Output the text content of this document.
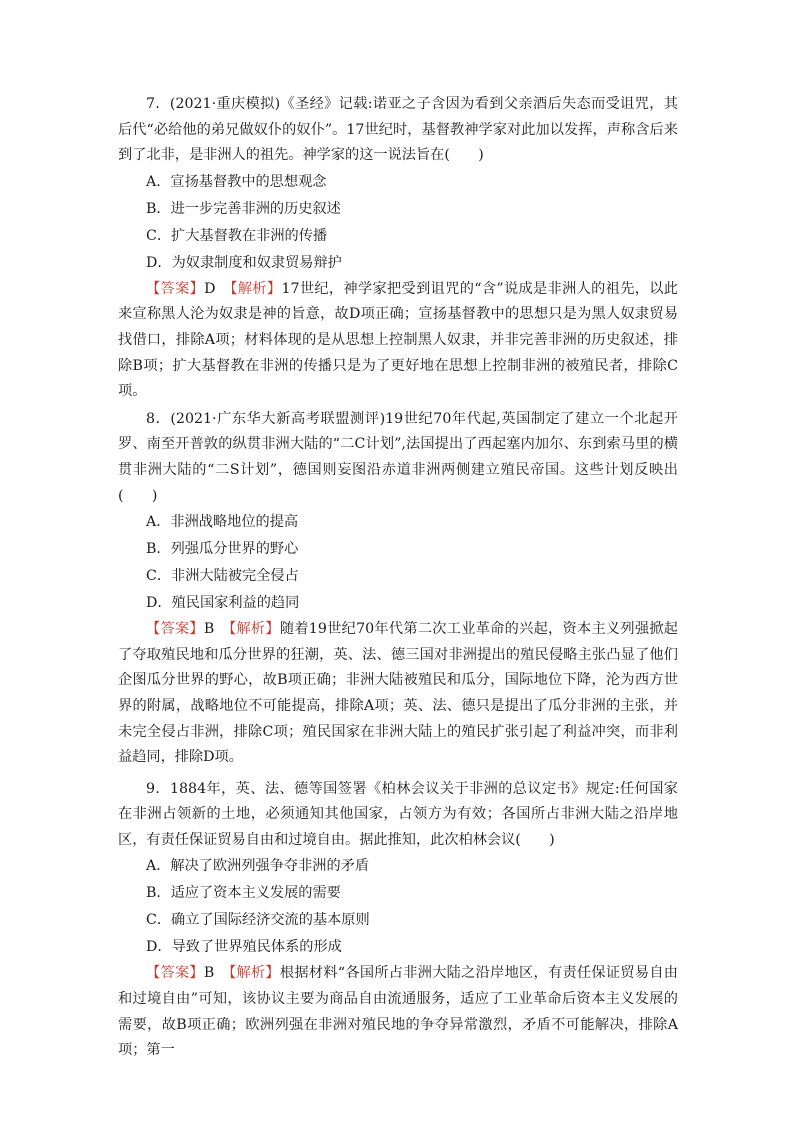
7．(2021·重庆模拟)《圣经》记载:诺亚之子含因为看到父亲酒后失态而受诅咒，其后代“必给他的弟兄做奴仆的奴仆”。17世纪时，基督教神学家对此加以发挥，声称含后来到了北非，是非洲人的祖先。神学家的这一说法旨在(　　)

A．宣扬基督教中的思想观念

B．进一步完善非洲的历史叙述

C．扩大基督教在非洲的传播

D．为奴隶制度和奴隶贸易辩护

【答案】D　【解析】17世纪，神学家把受到诅咒的“含”说成是非洲人的祖先，以此来宣称黑人沦为奴隶是神的旨意，故D项正确；宣扬基督教中的思想只是为黑人奴隶贸易找借口，排除A项；材料体现的是从思想上控制黑人奴隶，并非完善非洲的历史叙述，排除B项；扩大基督教在非洲的传播只是为了更好地在思想上控制非洲的被殖民者，排除C项。

8．(2021·广东华大新高考联盟测评)19世纪70年代起,英国制定了建立一个北起开罗、南至开普敦的纵贯非洲大陆的“二C计划”,法国提出了西起塞内加尔、东到索马里的横贯非洲大陆的“二S计划”，德国则妄图沿赤道非洲两侧建立殖民帝国。这些计划反映出(　　)

A．非洲战略地位的提高

B．列强瓜分世界的野心

C．非洲大陆被完全侵占

D．殖民国家利益的趋同

【答案】B　【解析】随着19世纪70年代第二次工业革命的兴起，资本主义列强掀起了夺取殖民地和瓜分世界的狂潮，英、法、德三国对非洲提出的殖民侵略主张凸显了他们企图瓜分世界的野心，故B项正确；非洲大陆被殖民和瓜分，国际地位下降，沦为西方世界的附属，战略地位不可能提高，排除A项；英、法、德只是提出了瓜分非洲的主张，并未完全侵占非洲，排除C项；殖民国家在非洲大陆上的殖民扩张引起了利益冲突，而非利益趋同，排除D项。

9．1884年，英、法、德等国签署《柏林会议关于非洲的总议定书》规定:任何国家在非洲占领新的土地，必须通知其他国家，占领方为有效；各国所占非洲大陆之沿岸地区，有责任保证贸易自由和过境自由。据此推知，此次柏林会议(　　)

A．解决了欧洲列强争夺非洲的矛盾

B．适应了资本主义发展的需要

C．确立了国际经济交流的基本原则

D．导致了世界殖民体系的形成

【答案】B　【解析】根据材料“各国所占非洲大陆之沿岸地区，有责任保证贸易自由和过境自由”可知，该协议主要为商品自由流通服务，适应了工业革命后资本主义发展的需要，故B项正确；欧洲列强在非洲对殖民地的争夺异常激烈，矛盾不可能解决，排除A项；第一
